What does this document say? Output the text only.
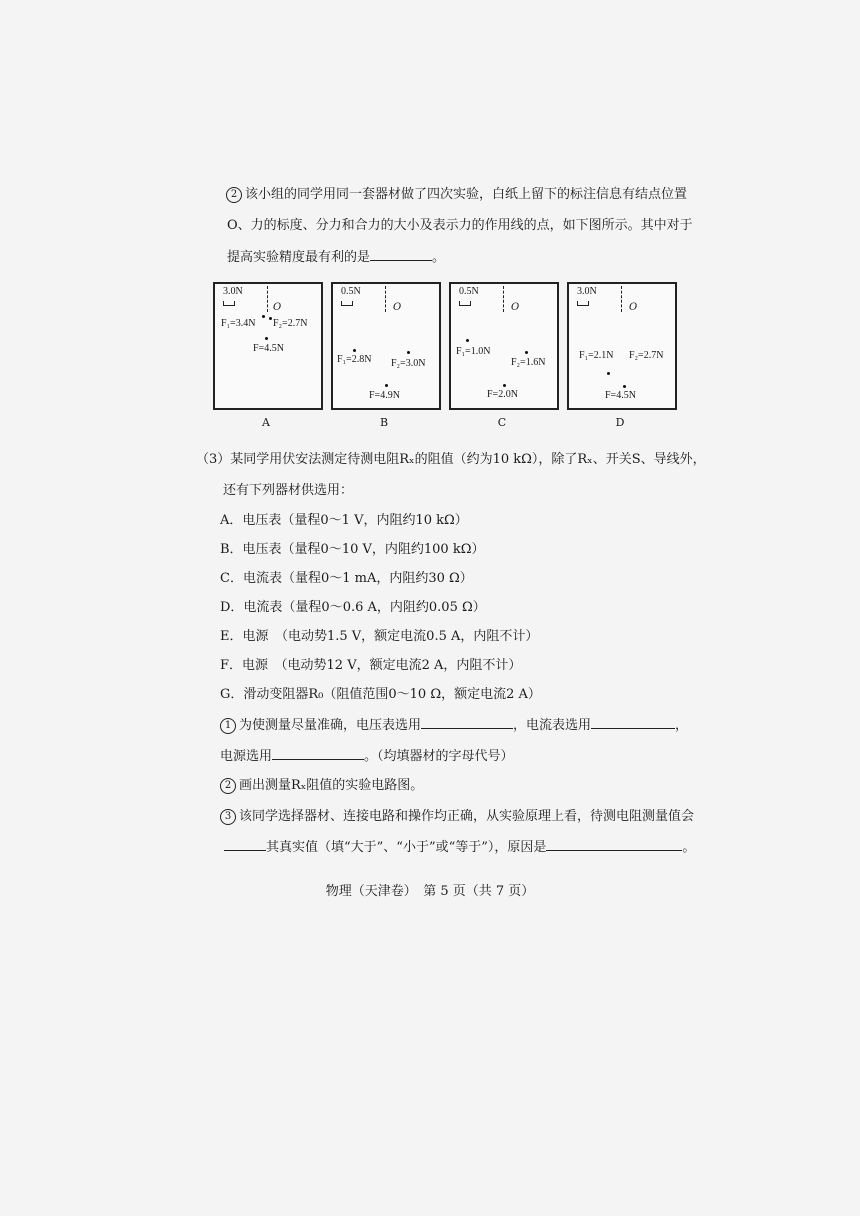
2 该小组的同学用同一套器材做了四次实验，白纸上留下的标注信息有结点位置
O、力的标度、分力和合力的大小及表示力的作用线的点，如下图所示。其中对于
提高实验精度最有利的是	。
3.0N
O
F₁=3.4N F₂=2.7N
F=4.5N
A
0.5N
O
F₁=2.8N F₂=3.0N
F=4.9N
B
0.5N
O
F₁=1.0N
F₂=1.6N
F=2.0N
C
3.0N
O
F₁=2.1N F₂=2.7N
F=4.5N
D
（3）某同学用伏安法测定待测电阻Rₓ的阻值（约为10 kΩ），除了Rₓ、开关S、导线外，
还有下列器材供选用：
A．电压表（量程0～1 V，内阻约10 kΩ）
B．电压表（量程0～10 V，内阻约100 kΩ）
C．电流表（量程0～1 mA，内阻约30 Ω）
D．电流表（量程0～0.6 A，内阻约0.05 Ω）
E．电源　（电动势1.5 V，额定电流0.5 A，内阻不计）
F．电源　（电动势12 V，额定电流2 A，内阻不计）
G．滑动变阻器R₀（阻值范围0～10 Ω，额定电流2 A）
1 为使测量尽量准确，电压表选用	，电流表选用	，
电源选用	。（均填器材的字母代号）
2 画出测量Rₓ阻值的实验电路图。
3 该同学选择器材、连接电路和操作均正确，从实验原理上看，待测电阻测量值会
其真实值（填“大于”、“小于”或“等于”），原因是	。
物理（天津卷）　第 5 页（共 7 页）
